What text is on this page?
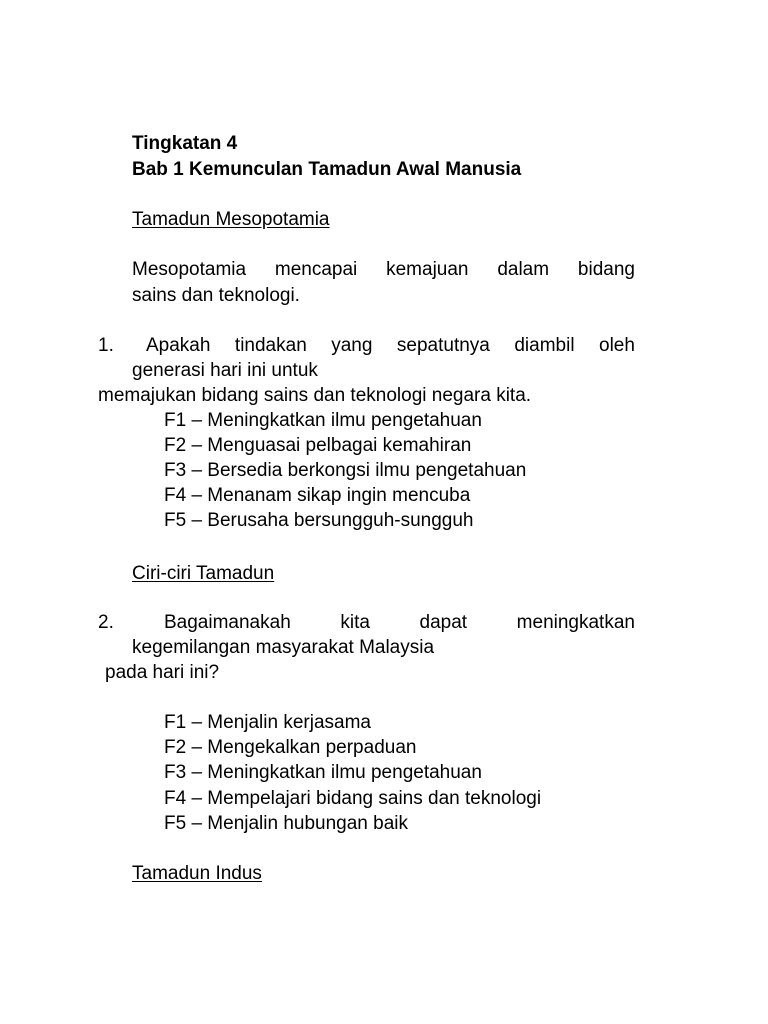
Tingkatan 4
Bab 1 Kemunculan Tamadun Awal Manusia
Tamadun Mesopotamia
Mesopotamia mencapai kemajuan dalam bidang
sains dan teknologi.
1. Apakah tindakan yang sepatutnya diambil oleh
generasi hari ini untuk
memajukan bidang sains dan teknologi negara kita.
F1 – Meningkatkan ilmu pengetahuan
F2 – Menguasai pelbagai kemahiran
F3 – Bersedia berkongsi ilmu pengetahuan
F4 – Menanam sikap ingin mencuba
F5 – Berusaha bersungguh-sungguh
Ciri-ciri Tamadun
2.	Bagaimanakah	kita	dapat	meningkatkan
kegemilangan masyarakat Malaysia
pada hari ini?
F1 – Menjalin kerjasama
F2 – Mengekalkan perpaduan
F3 – Meningkatkan ilmu pengetahuan
F4 – Mempelajari bidang sains dan teknologi
F5 – Menjalin hubungan baik
Tamadun Indus
